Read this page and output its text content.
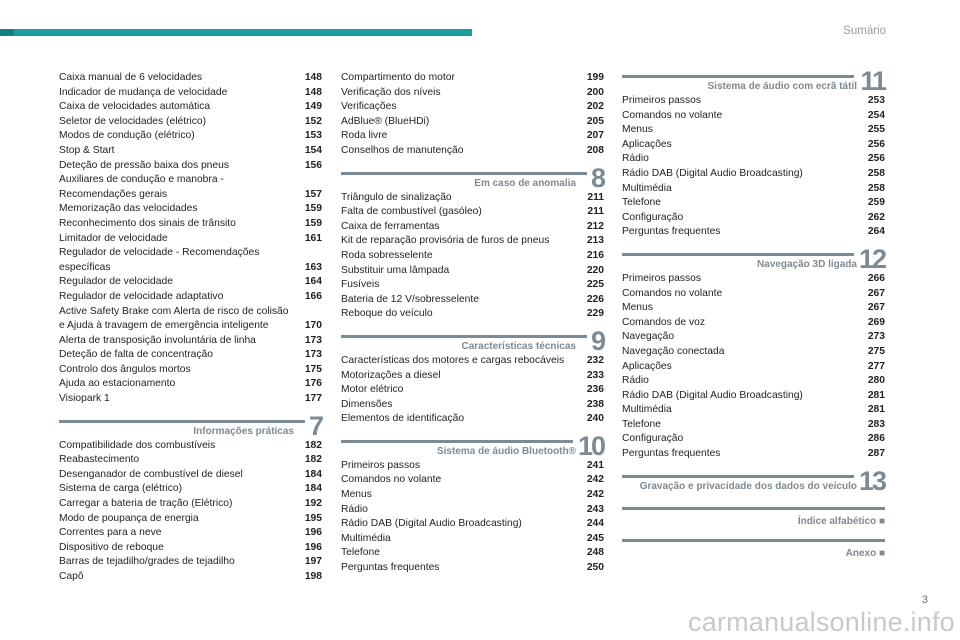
Sumário
Caixa manual de 6 velocidades	148
Indicador de mudança de velocidade	148
Caixa de velocidades automática	149
Seletor de velocidades (elétrico)	152
Modos de condução (elétrico)	153
Stop & Start	154
Deteção de pressão baixa dos pneus	156
Auxiliares de condução e manobra - Recomendações gerais	157
Memorização das velocidades	159
Reconhecimento dos sinais de trânsito	159
Limitador de velocidade	161
Regulador de velocidade - Recomendações específicas	163
Regulador de velocidade	164
Regulador de velocidade adaptativo	166
Active Safety Brake com Alerta de risco de colisão e Ajuda à travagem de emergência inteligente	170
Alerta de transposição involuntária de linha	173
Deteção de falta de concentração	173
Controlo dos ângulos mortos	175
Ajuda ao estacionamento	176
Visiopark 1	177
Informações práticas 7
Compatibilidade dos combustíveis	182
Reabastecimento	182
Desenganador de combustível de diesel	184
Sistema de carga (elétrico)	184
Carregar a bateria de tração (Elétrico)	192
Modo de poupança de energia	195
Correntes para a neve	196
Dispositivo de reboque	196
Barras de tejadilho/grades de tejadilho	197
Capô	198
Compartimento do motor	199
Verificação dos níveis	200
Verificações	202
AdBlue® (BlueHDi)	205
Roda livre	207
Conselhos de manutenção	208
Em caso de anomalia 8
Triângulo de sinalização	211
Falta de combustível (gasóleo)	211
Caixa de ferramentas	212
Kit de reparação provisória de furos de pneus	213
Roda sobresselente	216
Substituir uma lâmpada	220
Fusíveis	225
Bateria de 12 V/sobresselente	226
Reboque do veículo	229
Características técnicas 9
Características dos motores e cargas rebocáveis	232
Motorizações a diesel	233
Motor elétrico	236
Dimensões	238
Elementos de identificação	240
Sistema de áudio Bluetooth® 10
Primeiros passos	241
Comandos no volante	242
Menus	242
Rádio	243
Rádio DAB (Digital Audio Broadcasting)	244
Multimédia	245
Telefone	248
Perguntas frequentes	250
Sistema de áudio com ecrã tátil 11
Primeiros passos	253
Comandos no volante	254
Menus	255
Aplicações	256
Rádio	256
Rádio DAB (Digital Audio Broadcasting)	258
Multimédia	258
Telefone	259
Configuração	262
Perguntas frequentes	264
Navegação 3D ligada 12
Primeiros passos	266
Comandos no volante	267
Menus	267
Comandos de voz	269
Navegação	273
Navegação conectada	275
Aplicações	277
Rádio	280
Rádio DAB (Digital Audio Broadcasting)	281
Multimédia	281
Telefone	283
Configuração	286
Perguntas frequentes	287
Gravação e privacidade dos dados do veículo 13
Índice alfabético ■
Anexo ■
3
carmanualsonline.info
